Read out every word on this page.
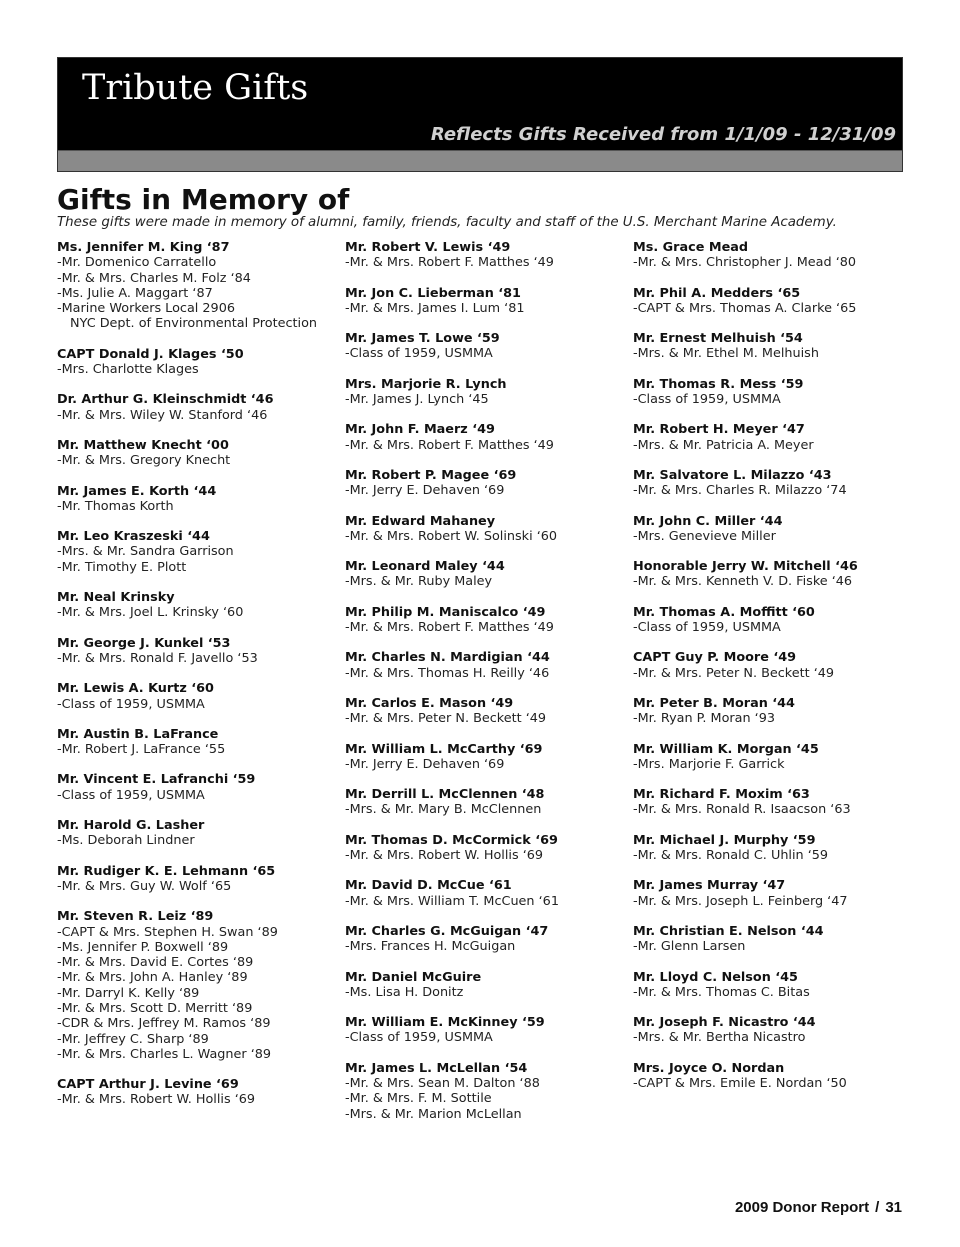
Tribute Gifts
Reflects Gifts Received from 1/1/09 - 12/31/09
Gifts in Memory of
These gifts were made in memory of alumni, family, friends, faculty and staff of the U.S. Merchant Marine Academy.
Ms. Jennifer M. King ‘87
-Mr. Domenico Carratello
-Mr. & Mrs. Charles M. Folz ‘84
-Ms. Julie A. Maggart ‘87
-Marine Workers Local 2906
NYC Dept. of Environmental Protection
CAPT Donald J. Klages ‘50
-Mrs. Charlotte Klages
Dr. Arthur G. Kleinschmidt ‘46
-Mr. & Mrs. Wiley W. Stanford ‘46
Mr. Matthew Knecht ‘00
-Mr. & Mrs. Gregory Knecht
Mr. James E. Korth ‘44
-Mr. Thomas Korth
Mr. Leo Kraszeski ‘44
-Mrs. & Mr. Sandra Garrison
-Mr. Timothy E. Plott
Mr. Neal Krinsky
-Mr. & Mrs. Joel L. Krinsky ‘60
Mr. George J. Kunkel ‘53
-Mr. & Mrs. Ronald F. Javello ‘53
Mr. Lewis A. Kurtz ‘60
-Class of 1959, USMMA
Mr. Austin B. LaFrance
-Mr. Robert J. LaFrance ‘55
Mr. Vincent E. Lafranchi ‘59
-Class of 1959, USMMA
Mr. Harold G. Lasher
-Ms. Deborah Lindner
Mr. Rudiger K. E. Lehmann ‘65
-Mr. & Mrs. Guy W. Wolf ‘65
Mr. Steven R. Leiz ‘89
-CAPT & Mrs. Stephen H. Swan ‘89
-Ms. Jennifer P. Boxwell ‘89
-Mr. & Mrs. David E. Cortes ‘89
-Mr. & Mrs. John A. Hanley ‘89
-Mr. Darryl K. Kelly ‘89
-Mr. & Mrs. Scott D. Merritt ‘89
-CDR & Mrs. Jeffrey M. Ramos ‘89
-Mr. Jeffrey C. Sharp ‘89
-Mr. & Mrs. Charles L. Wagner ‘89
CAPT Arthur J. Levine ‘69
-Mr. & Mrs. Robert W. Hollis ‘69
Mr. Robert V. Lewis ‘49
-Mr. & Mrs. Robert F. Matthes ‘49
Mr. Jon C. Lieberman ‘81
-Mr. & Mrs. James I. Lum ‘81
Mr. James T. Lowe ‘59
-Class of 1959, USMMA
Mrs. Marjorie R. Lynch
-Mr. James J. Lynch ‘45
Mr. John F. Maerz ‘49
-Mr. & Mrs. Robert F. Matthes ‘49
Mr. Robert P. Magee ‘69
-Mr. Jerry E. Dehaven ‘69
Mr. Edward Mahaney
-Mr. & Mrs. Robert W. Solinski ‘60
Mr. Leonard Maley ‘44
-Mrs. & Mr. Ruby Maley
Mr. Philip M. Maniscalco ‘49
-Mr. & Mrs. Robert F. Matthes ‘49
Mr. Charles N. Mardigian ‘44
-Mr. & Mrs. Thomas H. Reilly ‘46
Mr. Carlos E. Mason ‘49
-Mr. & Mrs. Peter N. Beckett ‘49
Mr. William L. McCarthy ‘69
-Mr. Jerry E. Dehaven ‘69
Mr. Derrill L. McClennen ‘48
-Mrs. & Mr. Mary B. McClennen
Mr. Thomas D. McCormick ‘69
-Mr. & Mrs. Robert W. Hollis ‘69
Mr. David D. McCue ‘61
-Mr. & Mrs. William T. McCuen ‘61
Mr. Charles G. McGuigan ‘47
-Mrs. Frances H. McGuigan
Mr. Daniel McGuire
-Ms. Lisa H. Donitz
Mr. William E. McKinney ‘59
-Class of 1959, USMMA
Mr. James L. McLellan ‘54
-Mr. & Mrs. Sean M. Dalton ‘88
-Mr. & Mrs. F. M. Sottile
-Mrs. & Mr. Marion McLellan
Ms. Grace Mead
-Mr. & Mrs. Christopher J. Mead ‘80
Mr. Phil A. Medders ‘65
-CAPT & Mrs. Thomas A. Clarke ‘65
Mr. Ernest Melhuish ‘54
-Mrs. & Mr. Ethel M. Melhuish
Mr. Thomas R. Mess ‘59
-Class of 1959, USMMA
Mr. Robert H. Meyer ‘47
-Mrs. & Mr. Patricia A. Meyer
Mr. Salvatore L. Milazzo ‘43
-Mr. & Mrs. Charles R. Milazzo ‘74
Mr. John C. Miller ‘44
-Mrs. Genevieve Miller
Honorable Jerry W. Mitchell ‘46
-Mr. & Mrs. Kenneth V. D. Fiske ‘46
Mr. Thomas A. Moffitt ‘60
-Class of 1959, USMMA
CAPT Guy P. Moore ‘49
-Mr. & Mrs. Peter N. Beckett ‘49
Mr. Peter B. Moran ‘44
-Mr. Ryan P. Moran ‘93
Mr. William K. Morgan ‘45
-Mrs. Marjorie F. Garrick
Mr. Richard F. Moxim ‘63
-Mr. & Mrs. Ronald R. Isaacson ‘63
Mr. Michael J. Murphy ‘59
-Mr. & Mrs. Ronald C. Uhlin ‘59
Mr. James Murray ‘47
-Mr. & Mrs. Joseph L. Feinberg ‘47
Mr. Christian E. Nelson ‘44
-Mr. Glenn Larsen
Mr. Lloyd C. Nelson ‘45
-Mr. & Mrs. Thomas C. Bitas
Mr. Joseph F. Nicastro ‘44
-Mrs. & Mr. Bertha Nicastro
Mrs. Joyce O. Nordan
-CAPT & Mrs. Emile E. Nordan ‘50
2009 Donor Report / 31
